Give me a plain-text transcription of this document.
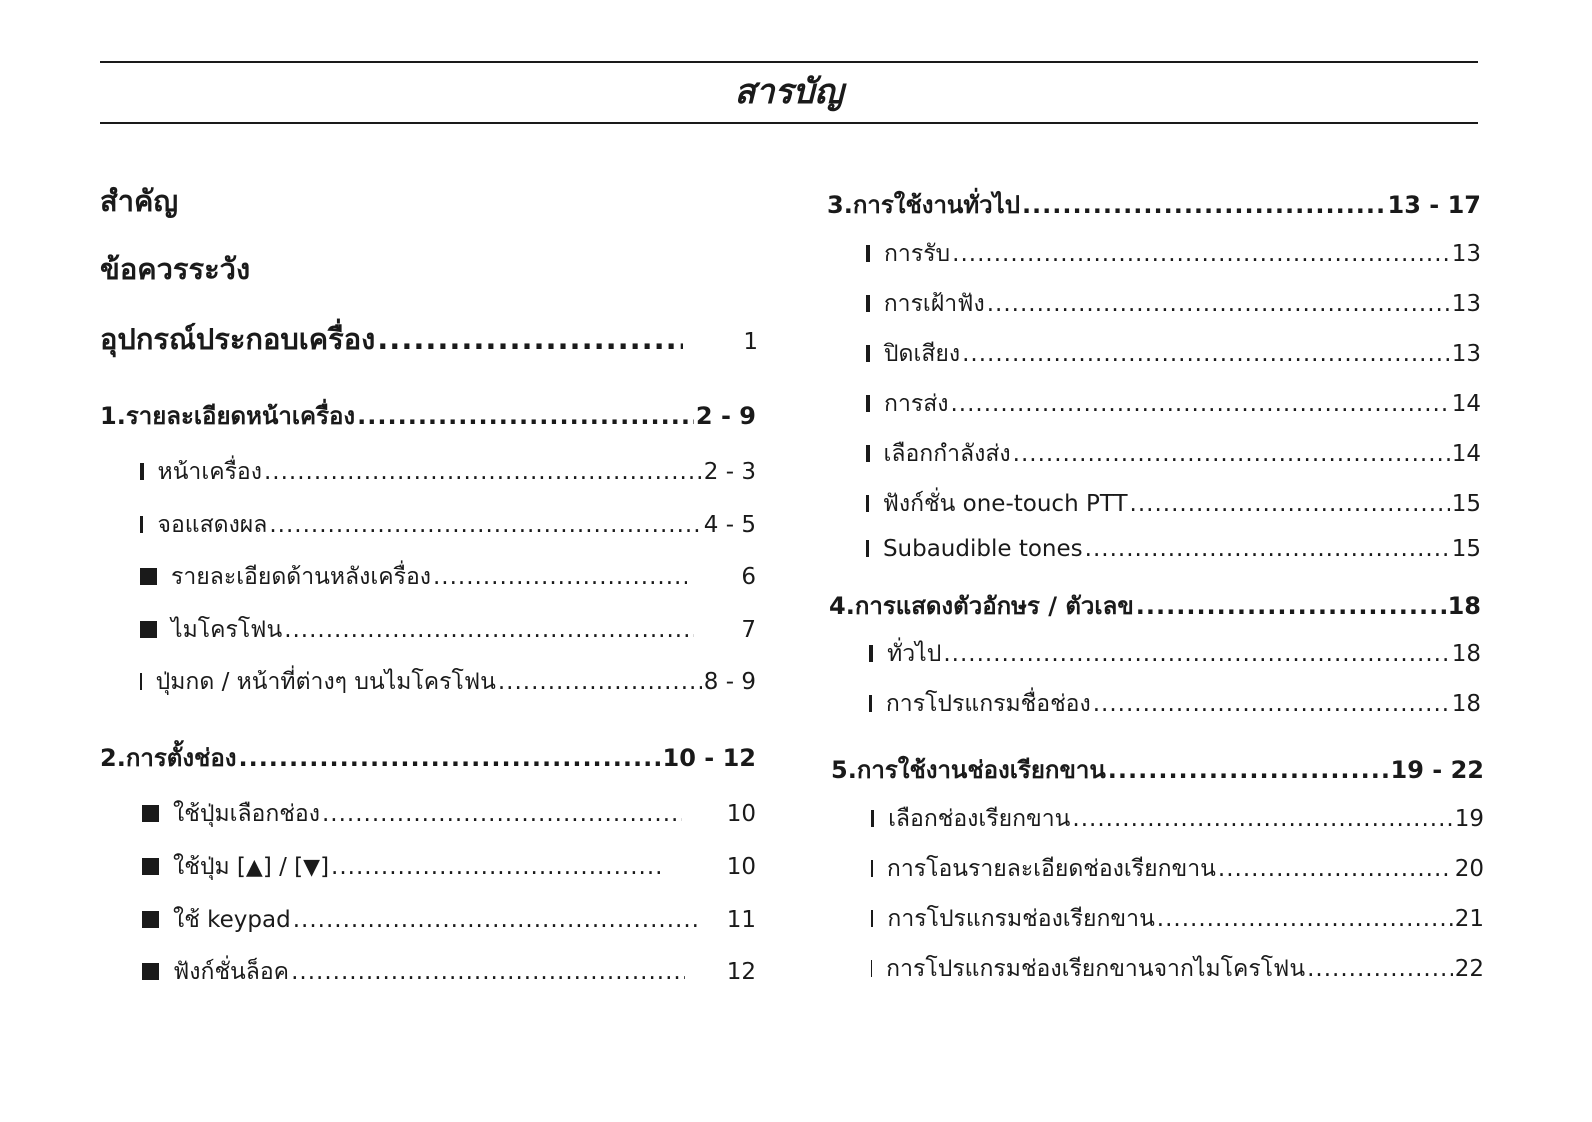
สารบัญ
สำคัญ
ข้อควรระวัง
อุปกรณ์ประกอบเครื่อง .....	1
1. รายละเอียดหน้าเครื่อง .....	2 - 9
หน้าเครื่อง .....	2 - 3
จอแสดงผล .....	4 - 5
รายละเอียดด้านหลังเครื่อง .....	6
ไมโครโฟน .....	7
ปุ่มกด / หน้าที่ต่างๆ บนไมโครโฟน .....	8 - 9
2. การตั้งช่อง .....	10 - 12
ใช้ปุ่มเลือกช่อง .....	10
ใช้ปุ่ม [▲] / [▼] .....	10
ใช้ keypad .....	11
ฟังก์ชั่นล็อค .....	12
3. การใช้งานทั่วไป .....	13 - 17
การรับ .....	13
การเฝ้าฟัง .....	13
ปิดเสียง .....	13
การส่ง .....	14
เลือกกำลังส่ง .....	14
ฟังก์ชั่น one-touch PTT .....	15
Subaudible tones .....	15
4. การแสดงตัวอักษร / ตัวเลข .....	18
ทั่วไป .....	18
การโปรแกรมชื่อช่อง .....	18
5. การใช้งานช่องเรียกขาน .....	19 - 22
เลือกช่องเรียกขาน .....	19
การโอนรายละเอียดช่องเรียกขาน .....	20
การโปรแกรมช่องเรียกขาน .....	21
การโปรแกรมช่องเรียกขานจากไมโครโฟน .....	22
